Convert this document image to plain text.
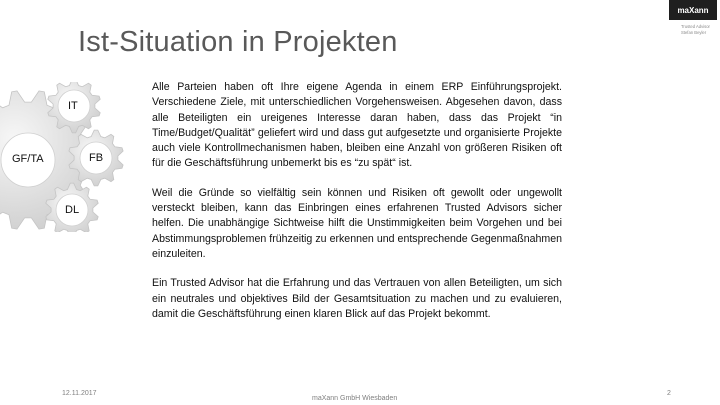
Ist-Situation in Projekten
maXann
Trusted Advisor
Stefan Beyler
GF/TA
IT
FB
DL

Alle Parteien haben oft Ihre eigene Agenda in einem ERP Einführungsprojekt. Verschiedene Ziele, mit unterschiedlichen Vorgehensweisen. Abgesehen davon, dass alle Beteiligten ein ureigenes Interesse daran haben, dass das Projekt “in Time/Budget/Qualität” geliefert wird und dass gut aufgesetzte und organisierte Projekte auch viele Kontrollmechanismen haben, bleiben eine Anzahl von größeren Risiken oft für die Geschäftsführung unbemerkt bis es “zu spät“ ist.

Weil die Gründe so vielfältig sein können und Risiken oft gewollt oder ungewollt versteckt bleiben, kann das Einbringen eines erfahrenen Trusted Advisors sicher helfen. Die unabhängige Sichtweise hilft die Unstimmigkeiten beim Vorgehen und bei Abstimmungsproblemen frühzeitig zu erkennen und entsprechende Gegenmaßnahmen einzuleiten.

Ein Trusted Advisor hat die Erfahrung und das Vertrauen von allen Beteiligten, um sich ein neutrales und objektives Bild der Gesamtsituation zu machen und zu evaluieren, damit die Geschäftsführung einen klaren Blick auf das Projekt bekommt.

12.11.2017
maXann GmbH Wiesbaden
2
